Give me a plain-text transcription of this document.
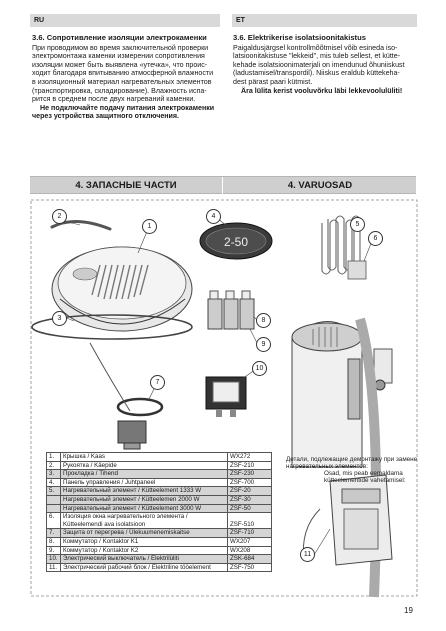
RU	ET
3.6. Сопротивление изоляции электрокаменки
При проводимом во время заключительной проверки
электромонтажа каменки измерении сопротивления
изоляции может быть выявлена «утечка», что проис-
ходит благодаря впитыванию атмосферной влажности
в изоляционный материал нагревательных элементов
(транспортировка, складирование). Влажность испа-
рится в среднем после двух нагреваний каменки.
Не подключайте подачу питания электрокаменки
через устройства защитного отключения.
3.6. Elektrikerise isolatsioonitakistus
Paigaldusjärgsel kontrollmõõtmisel võib esineda iso-
latsioonitakistuse "lekkeid", mis tuleb sellest, et kütte-
kehade isolatsioonimaterjali on imendunud õhuniiskust
(ladustamisel/transpordil). Niiskus eraldub küttekeha-
dest pärast paari kütmist.
Ära lülita kerist vooluvõrku läbi lekkevoolulüliti!
4. ЗАПАСНЫЕ ЧАСТИ	4. VARUOSAD
2-50
2
1
3
4
5
6
7
8
9
10
11
Детали, подлежащие демонтажу при замене нагревательных элементов:
Osad, mis peab eemaldama kütteelementide vahetamisel:
1.	Крышка / Kaas	WX272
2.	Рукоятка / Käepide	ZSF-210
3.	Прокладка / Tihend	ZSF-230
4.	Панель управления / Juhtpaneel	ZSF-700
5.	Нагревательный элемент / Kütteelement 1333 W	ZSF-20
	Нагревательный элемент / Kütteelemen 2000 W	ZSF-30
	Нагревательный элемент / Kütteelement 3000 W	ZSF-50
6.	Изоляция окна нагревательного элемента / Kütteelemendi ava isolatsioon	ZSF-510
7.	Защита от перегрева / Ülekuumenemiskaitse	ZSF-710
8.	Коммутатор / Kontaktor K1	WX207
9.	Коммутатор / Kontaktor K2	WX208
10.	Электрический выключатель / Elektrilüliti	ZSK-684
11.	Электрический рабочий блок / Elektriline tööelement	ZSF-750
19
